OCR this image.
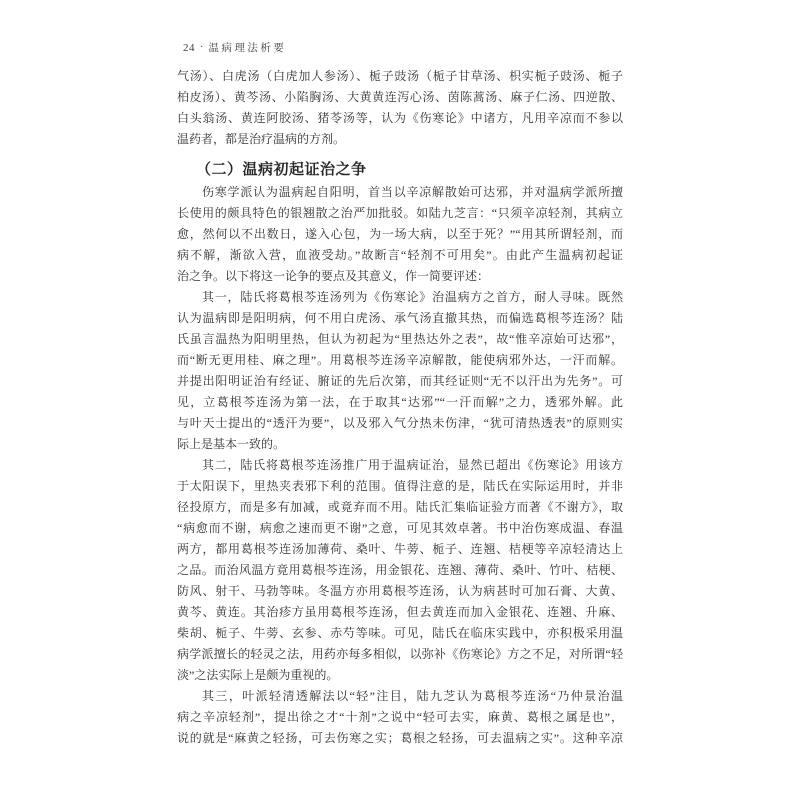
24 · 温病理法析要
气汤）、白虎汤（白虎加人参汤）、栀子豉汤（栀子甘草汤、枳实栀子豉汤、栀子
柏皮汤）、黄芩汤、小陷胸汤、大黄黄连泻心汤、茵陈蒿汤、麻子仁汤、四逆散、
白头翁汤、黄连阿胶汤、猪苓汤等，认为《伤寒论》中诸方，凡用辛凉而不参以
温药者，都是治疗温病的方剂。
（二）温病初起证治之争
伤寒学派认为温病起自阳明，首当以辛凉解散始可达邪，并对温病学派所擅
长使用的颇具特色的银翘散之治严加批驳。如陆九芝言：“只须辛凉轻剂，其病立
愈，然何以不出数日，遂入心包，为一场大病，以至于死？”“用其所谓轻剂，而
病不解，渐欲入营，血液受劫。”故断言“轻剂不可用矣”。由此产生温病初起证
治之争。以下将这一论争的要点及其意义，作一简要评述：
其一，陆氏将葛根芩连汤列为《伤寒论》治温病方之首方，耐人寻味。既然
认为温病即是阳明病，何不用白虎汤、承气汤直撤其热，而偏选葛根芩连汤？陆
氏虽言温热为阳明里热，但认为初起为“里热达外之表”，故“惟辛凉始可达邪”，
而“断无更用桂、麻之理”。用葛根芩连汤辛凉解散，能使病邪外达，一汗而解。
并提出阳明证治有经证、腑证的先后次第，而其经证则“无不以汗出为先务”。可
见，立葛根芩连汤为第一法，在于取其“达邪”“一汗而解”之力，透邪外解。此
与叶天士提出的“透汗为要”，以及邪入气分热未伤津，“犹可清热透表”的原则实
际上是基本一致的。
其二，陆氏将葛根芩连汤推广用于温病证治，显然已超出《伤寒论》用该方
于太阳误下，里热夹表邪下利的范围。值得注意的是，陆氏在实际运用时，并非
径投原方，而是多有加减，或竟弃而不用。陆氏汇集临证验方而著《不谢方》，取
“病愈而不谢，病愈之速而更不谢”之意，可见其效卓著。书中治伤寒成温、春温
两方，都用葛根芩连汤加薄荷、桑叶、牛蒡、栀子、连翘、桔梗等辛凉轻清达上
之品。而治风温方竟用葛根芩连汤，用金银花、连翘、薄荷、桑叶、竹叶、桔梗、
防风、射干、马勃等味。冬温方亦用葛根芩连汤，认为病甚时可加石膏、大黄、
黄芩、黄连。其治疹方虽用葛根芩连汤，但去黄连而加入金银花、连翘、升麻、
柴胡、栀子、牛蒡、玄参、赤芍等味。可见，陆氏在临床实践中，亦积极采用温
病学派擅长的轻灵之法，用药亦每多相似，以弥补《伤寒论》方之不足，对所谓“轻
淡”之法实际上是颇为重视的。
其三，叶派轻清透解法以“轻”注目，陆九芝认为葛根芩连汤“乃仲景治温
病之辛凉轻剂”，提出徐之才“十剂”之说中“轻可去实，麻黄、葛根之属是也”，
说的就是“麻黄之轻扬，可去伤寒之实；葛根之轻扬，可去温病之实”。这种辛凉
